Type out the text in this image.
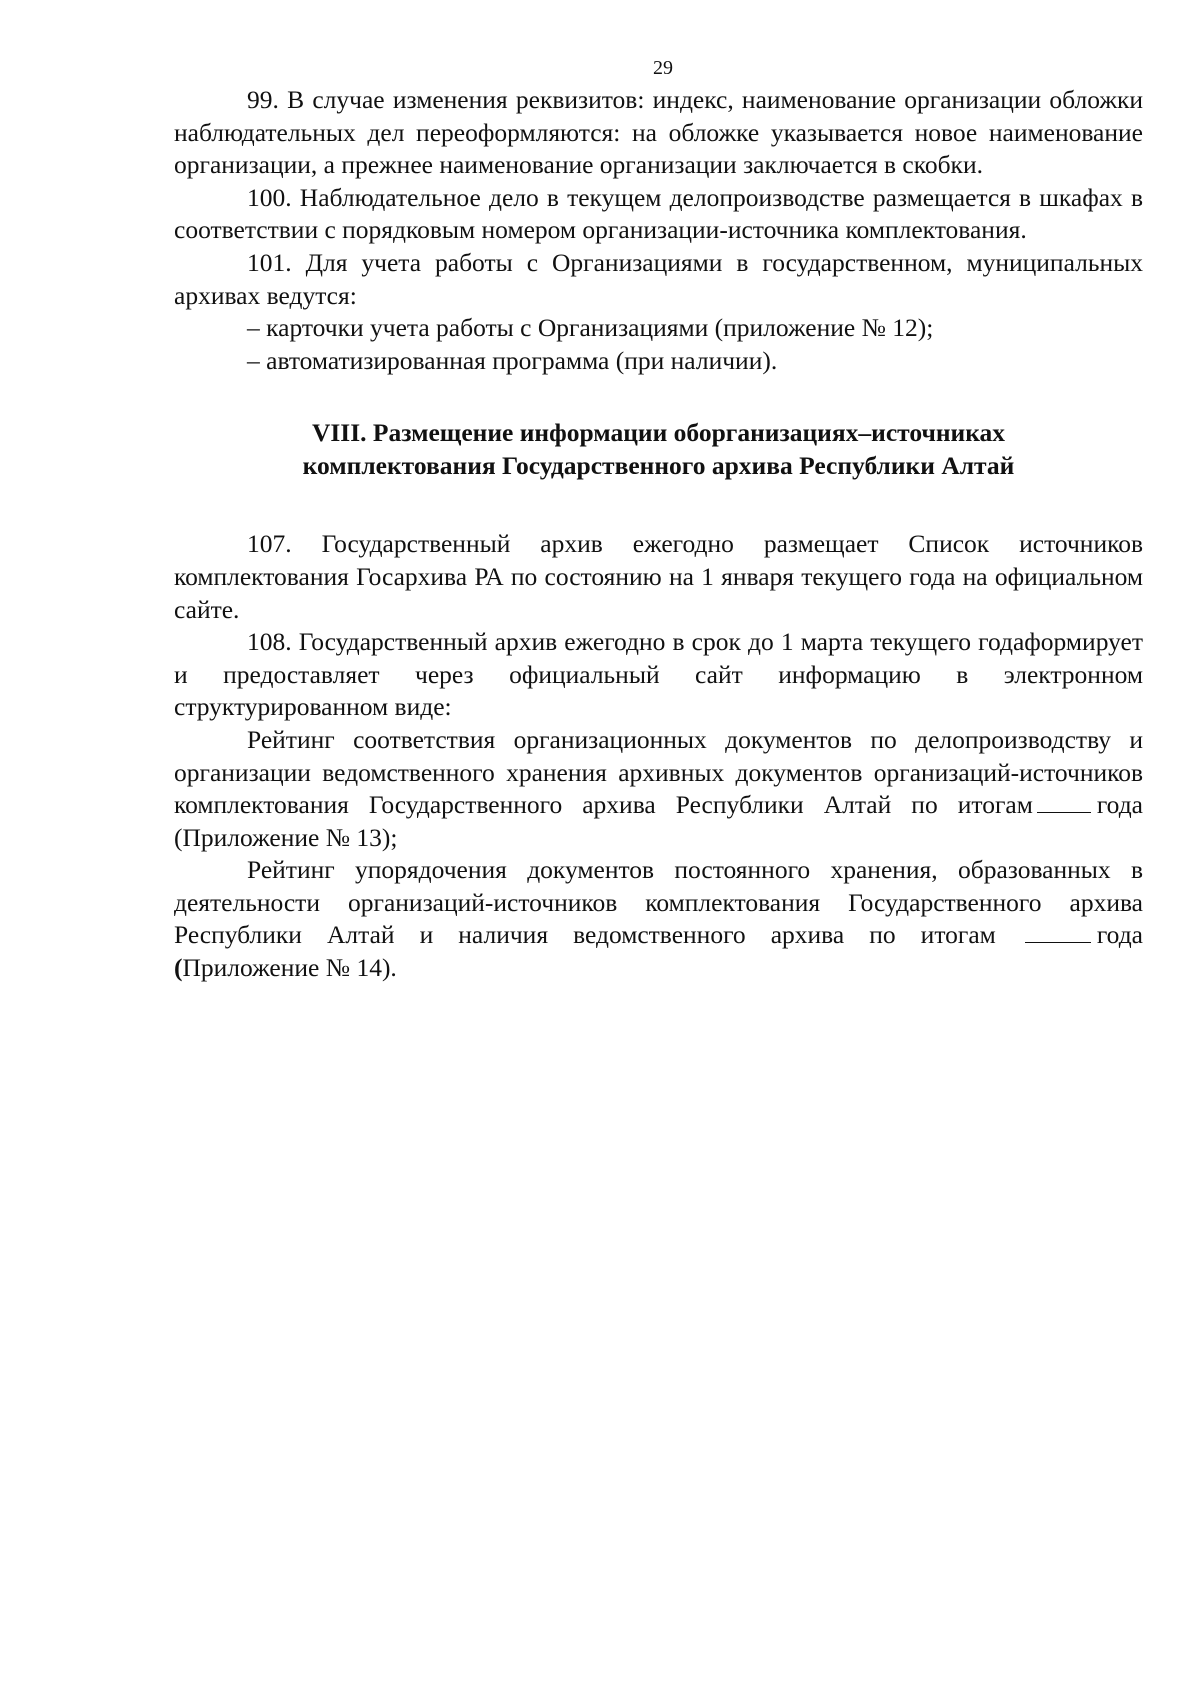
29

99. В случае изменения реквизитов: индекс, наименование организации обложки наблюдательных дел переоформляются: на обложке указывается новое наименование организации, а прежнее наименование организации заключается в скобки.

100. Наблюдательное дело в текущем делопроизводстве размещается в шкафах в соответствии с порядковым номером организации-источника комплектования.

101. Для учета работы с Организациями в государственном, муниципальных архивах ведутся:

– карточки учета работы с Организациями (приложение № 12);

– автоматизированная программа (при наличии).

VIII. Размещение информации оборганизациях–источниках
комплектования Государственного архива Республики Алтай

107. Государственный архив ежегодно размещает Список источников комплектования Госархива РА по состоянию на 1 января текущего года на официальном сайте.

108. Государственный архив ежегодно в срок до 1 марта текущего годаформирует и предоставляет через официальный сайт информацию в электронном структурированном виде:

Рейтинг соответствия организационных документов по делопроизводству и организации ведомственного хранения архивных документов организаций-источников комплектования Государственного архива Республики Алтай по итогам	года (Приложение № 13);

Рейтинг упорядочения документов постоянного хранения, образованных в деятельности организаций-источников комплектования Государственного архива Республики Алтай и наличия ведомственного архива по итогам	года (Приложение № 14).
